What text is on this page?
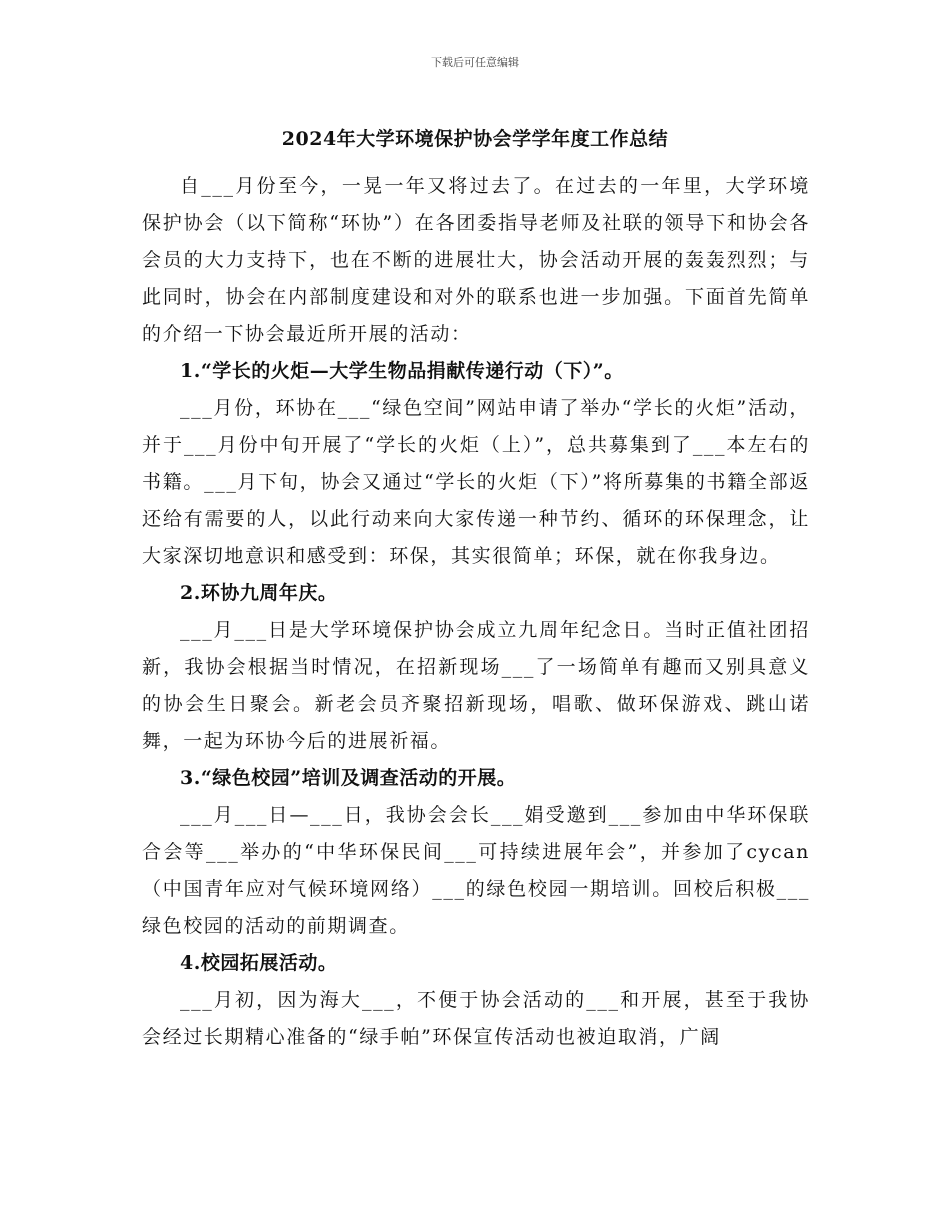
下载后可任意编辑
2024年大学环境保护协会学学年度工作总结

自___月份至今，一晃一年又将过去了。在过去的一年里，大学环境保护协会（以下简称“环协”）在各团委指导老师及社联的领导下和协会各会员的大力支持下，也在不断的进展壮大，协会活动开展的轰轰烈烈；与此同时，协会在内部制度建设和对外的联系也进一步加强。下面首先简单的介绍一下协会最近所开展的活动：

1.“学长的火炬—大学生物品捐献传递行动（下）”。

___月份，环协在___“绿色空间”网站申请了举办“学长的火炬”活动，并于___月份中旬开展了“学长的火炬（上）”，总共募集到了___本左右的书籍。___月下旬，协会又通过“学长的火炬（下）”将所募集的书籍全部返还给有需要的人，以此行动来向大家传递一种节约、循环的环保理念，让大家深切地意识和感受到：环保，其实很简单；环保，就在你我身边。

2.环协九周年庆。

___月___日是大学环境保护协会成立九周年纪念日。当时正值社团招新，我协会根据当时情况，在招新现场___了一场简单有趣而又别具意义的协会生日聚会。新老会员齐聚招新现场，唱歌、做环保游戏、跳山诺舞，一起为环协今后的进展祈福。

3.“绿色校园”培训及调查活动的开展。

___月___日—___日，我协会会长___娟受邀到___参加由中华环保联合会等___举办的“中华环保民间___可持续进展年会”，并参加了cycan（中国青年应对气候环境网络）___的绿色校园一期培训。回校后积极___绿色校园的活动的前期调查。

4.校园拓展活动。

___月初，因为海大___，不便于协会活动的___和开展，甚至于我协会经过长期精心准备的“绿手帕”环保宣传活动也被迫取消，广阔
